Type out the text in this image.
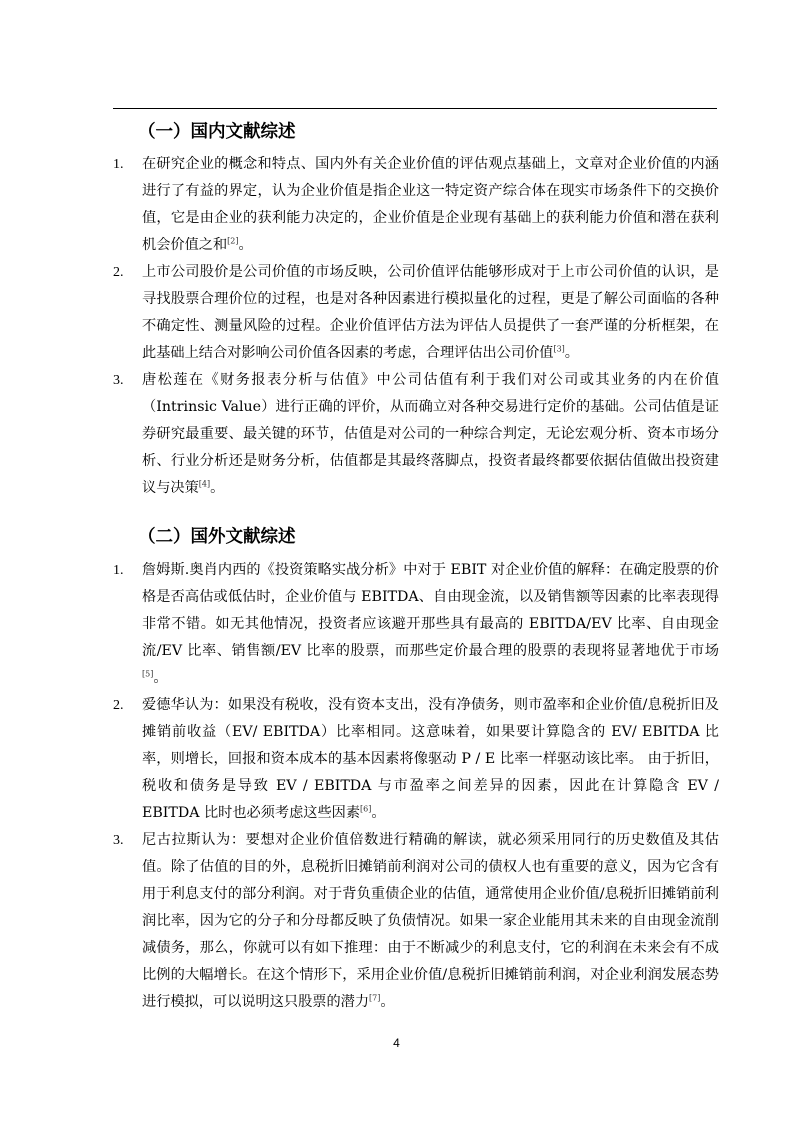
（一）国内文献综述
1. 在研究企业的概念和特点、国内外有关企业价值的评估观点基础上，文章对企业价值的内涵进行了有益的界定，认为企业价值是指企业这一特定资产综合体在现实市场条件下的交换价值，它是由企业的获利能力决定的，企业价值是企业现有基础上的获利能力价值和潜在获利机会价值之和[2]。
2. 上市公司股价是公司价值的市场反映，公司价值评估能够形成对于上市公司价值的认识，是寻找股票合理价位的过程，也是对各种因素进行模拟量化的过程，更是了解公司面临的各种不确定性、测量风险的过程。企业价值评估方法为评估人员提供了一套严谨的分析框架，在此基础上结合对影响公司价值各因素的考虑，合理评估出公司价值[3]。
3. 唐松莲在《财务报表分析与估值》中公司估值有利于我们对公司或其业务的内在价值（Intrinsic Value）进行正确的评价，从而确立对各种交易进行定价的基础。公司估值是证券研究最重要、最关键的环节，估值是对公司的一种综合判定，无论宏观分析、资本市场分析、行业分析还是财务分析，估值都是其最终落脚点，投资者最终都要依据估值做出投资建议与决策[4]。
（二）国外文献综述
1. 詹姆斯.奥肖内西的《投资策略实战分析》中对于 EBIT 对企业价值的解释：在确定股票的价格是否高估或低估时，企业价值与 EBITDA、自由现金流，以及销售额等因素的比率表现得非常不错。如无其他情况，投资者应该避开那些具有最高的 EBITDA/EV 比率、自由现金流/EV 比率、销售额/EV 比率的股票，而那些定价最合理的股票的表现将显著地优于市场[5]。
2. 爱德华认为：如果没有税收，没有资本支出，没有净债务，则市盈率和企业价值/息税折旧及摊销前收益（EV/ EBITDA）比率相同。这意味着，如果要计算隐含的 EV/ EBITDA 比率，则增长，回报和资本成本的基本因素将像驱动 P / E 比率一样驱动该比率。 由于折旧，税收和债务是导致 EV / EBITDA 与市盈率之间差异的因素，因此在计算隐含 EV / EBITDA 比时也必须考虑这些因素[6]。
3. 尼古拉斯认为：要想对企业价值倍数进行精确的解读，就必须采用同行的历史数值及其估值。除了估值的目的外，息税折旧摊销前利润对公司的债权人也有重要的意义，因为它含有用于利息支付的部分利润。对于背负重债企业的估值，通常使用企业价值/息税折旧摊销前利润比率，因为它的分子和分母都反映了负债情况。如果一家企业能用其未来的自由现金流削减债务，那么，你就可以有如下推理：由于不断减少的利息支付，它的利润在未来会有不成比例的大幅增长。在这个情形下，采用企业价值/息税折旧摊销前利润，对企业利润发展态势进行模拟，可以说明这只股票的潜力[7]。
4
